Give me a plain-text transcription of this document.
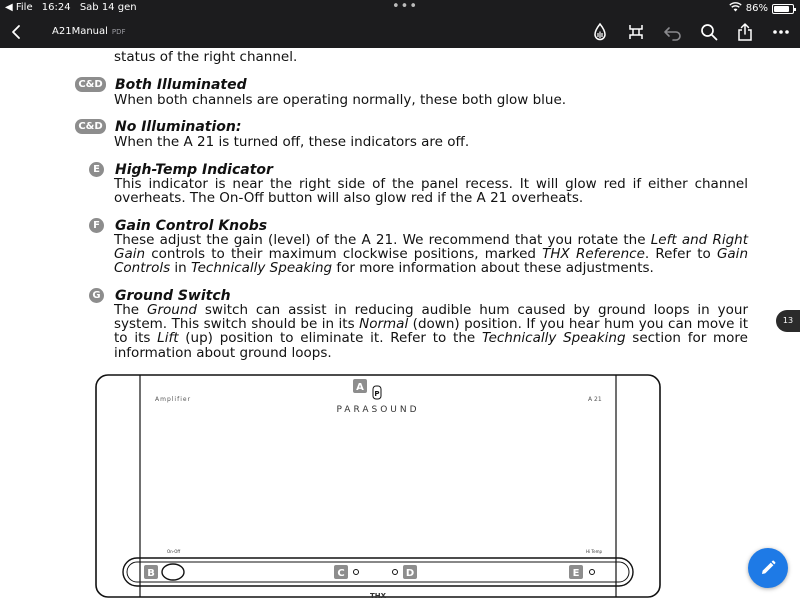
◀ File 16:24 Sab 14 gen	•••	86%
A21Manual PDF
status of the right channel.
C&D Both Illuminated
When both channels are operating normally, these both glow blue.
C&D No Illumination:
When the A 21 is turned off, these indicators are off.
E High-Temp Indicator
This indicator is near the right side of the panel recess. It will glow red if either channel overheats. The On-Off button will also glow red if the A 21 overheats.
F Gain Control Knobs
These adjust the gain (level) of the A 21. We recommend that you rotate the Left and Right Gain controls to their maximum clockwise positions, marked THX Reference. Refer to Gain Controls in Technically Speaking for more information about these adjustments.
G Ground Switch
The Ground switch can assist in reducing audible hum caused by ground loops in your system. This switch should be in its Normal (down) position. If you hear hum you can move it to its Lift (up) position to eliminate it. Refer to the Technically Speaking section for more information about ground loops.
Amplifier	A 21
A
P
PARASOUND
THX
On-Off	Hi Temp
B	C	D	E
13
